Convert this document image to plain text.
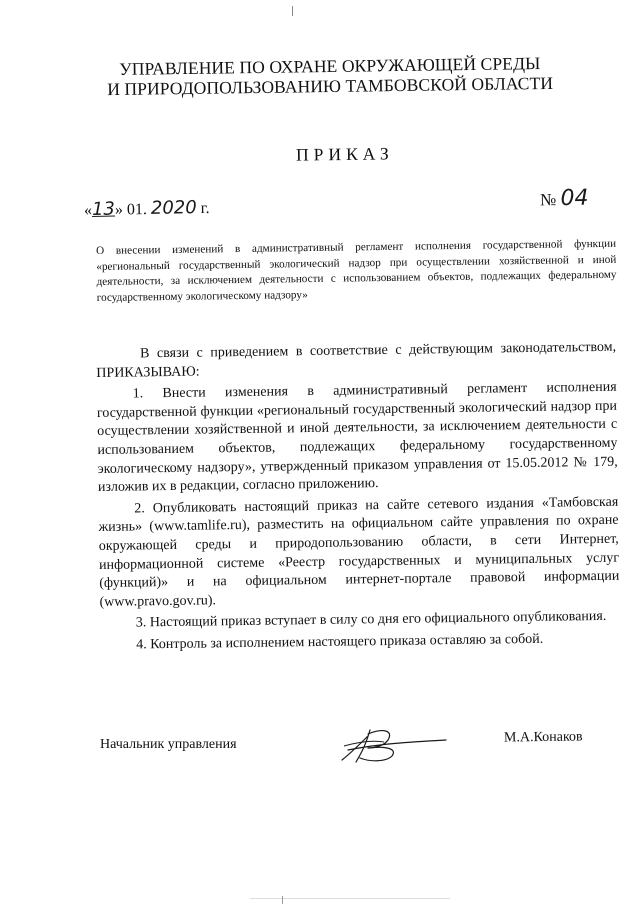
УПРАВЛЕНИЕ ПО ОХРАНЕ ОКРУЖАЮЩЕЙ СРЕДЫ
И ПРИРОДОПОЛЬЗОВАНИЮ ТАМБОВСКОЙ ОБЛАСТИ
ПРИКАЗ
«13» 01. 2020 г.	№ 04
О внесении изменений в административный регламент исполнения государственной функции «региональный государственный экологический надзор при осуществлении хозяйственной и иной деятельности, за исключением деятельности с использованием объектов, подлежащих федеральному государственному экологическому надзору»

В связи с приведением в соответствие с действующим законодательством, ПРИКАЗЫВАЮ:

1. Внести изменения в административный регламент исполнения государственной функции «региональный государственный экологический надзор при осуществлении хозяйственной и иной деятельности, за исключением деятельности с использованием объектов, подлежащих федеральному государственному экологическому надзору», утвержденный приказом управления от 15.05.2012 № 179, изложив их в редакции, согласно приложению.

2. Опубликовать настоящий приказ на сайте сетевого издания «Тамбовская жизнь» (www.tamlife.ru), разместить на официальном сайте управления по охране окружающей среды и природопользованию области, в сети Интернет, информационной системе «Реестр государственных и муниципальных услуг (функций)» и на официальном интернет-портале правовой информации (www.pravo.gov.ru).

3. Настоящий приказ вступает в силу со дня его официального опубликования.

4. Контроль за исполнением настоящего приказа оставляю за собой.

Начальник управления	М.А.Конаков
